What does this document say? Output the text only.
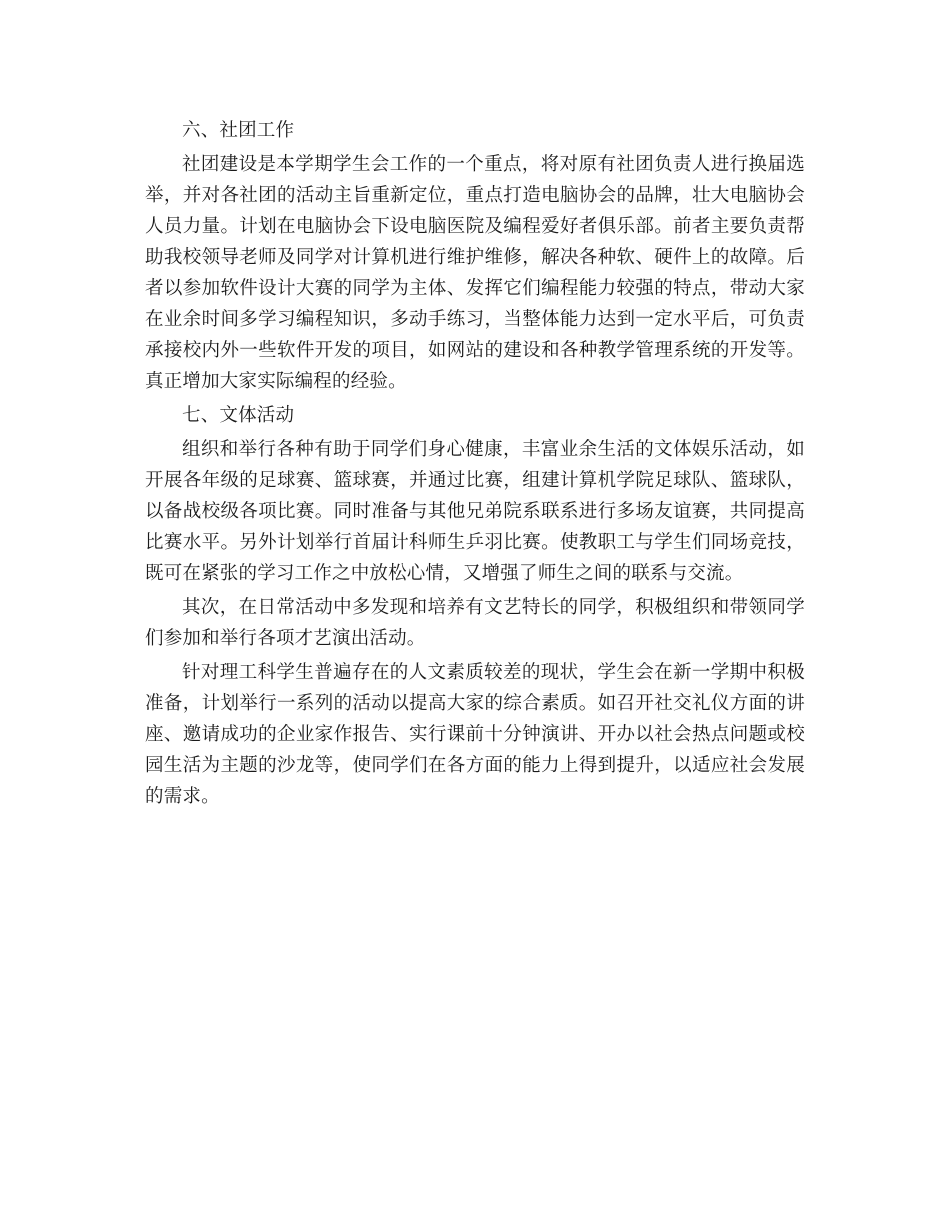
六、社团工作

社团建设是本学期学生会工作的一个重点，将对原有社团负责人进行换届选举，并对各社团的活动主旨重新定位，重点打造电脑协会的品牌，壮大电脑协会人员力量。计划在电脑协会下设电脑医院及编程爱好者俱乐部。前者主要负责帮助我校领导老师及同学对计算机进行维护维修，解决各种软、硬件上的故障。后者以参加软件设计大赛的同学为主体、发挥它们编程能力较强的特点，带动大家在业余时间多学习编程知识，多动手练习，当整体能力达到一定水平后，可负责承接校内外一些软件开发的项目，如网站的建设和各种教学管理系统的开发等。真正增加大家实际编程的经验。

七、文体活动

组织和举行各种有助于同学们身心健康，丰富业余生活的文体娱乐活动，如开展各年级的足球赛、篮球赛，并通过比赛，组建计算机学院足球队、篮球队，以备战校级各项比赛。同时准备与其他兄弟院系联系进行多场友谊赛，共同提高比赛水平。另外计划举行首届计科师生乒羽比赛。使教职工与学生们同场竞技，既可在紧张的学习工作之中放松心情，又增强了师生之间的联系与交流。

其次，在日常活动中多发现和培养有文艺特长的同学，积极组织和带领同学们参加和举行各项才艺演出活动。

针对理工科学生普遍存在的人文素质较差的现状，学生会在新一学期中积极准备，计划举行一系列的活动以提高大家的综合素质。如召开社交礼仪方面的讲座、邀请成功的企业家作报告、实行课前十分钟演讲、开办以社会热点问题或校园生活为主题的沙龙等，使同学们在各方面的能力上得到提升，以适应社会发展的需求。
